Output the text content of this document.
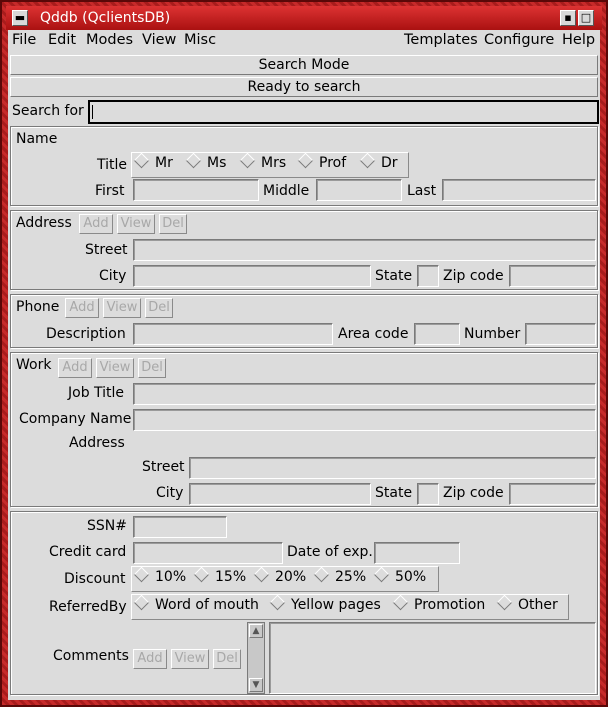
▬ Qddb (QclientsDB)	▪ □
File Edit Modes View Misc	Templates Configure Help
Search Mode
Ready to search
Search for
Name
Title	Mr	Ms	Mrs	Prof	Dr
First	Middle	Last
Address Add View Del
Street
City	State Zip code
Phone Add View Del
Description	Area code	Number
Work Add View Del
Job Title
Company Name
Address
Street
City	State Zip code
SSN#
Credit card	Date of exp.
Discount	10%	15%	20%	25%	50%
ReferredBy	Word of mouth	Yellow pages	Promotion	Other
Comments Add View Del
▲
▼
